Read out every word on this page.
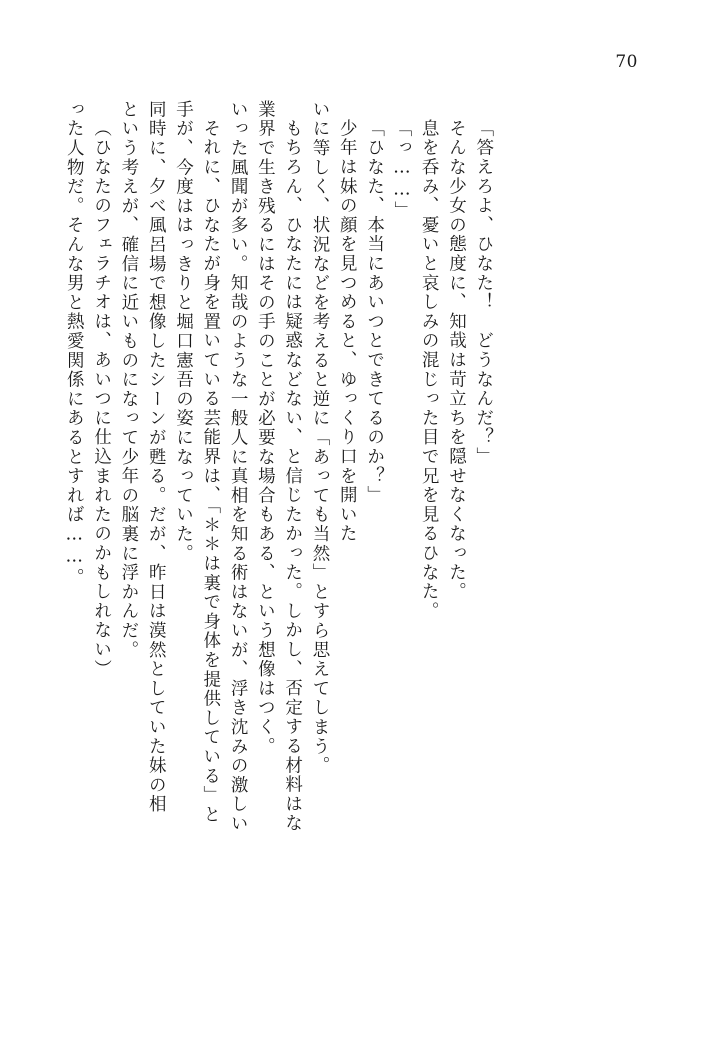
70
った人物だ。そんな男と熱愛関係にあるとすれば……。 （ひなたのフェラチオは、あいつに仕込まれたのかもしれない） という考えが、確信に近いものになって少年の脳裏に浮かんだ。 同時に、夕べ風呂場で想像したシーンが甦る。だが、昨日は漠然としていた妹の相 手が、今度ははっきりと堀口憲吾の姿になっていた。 それに、ひなたが身を置いている芸能界は、「＊＊は裏で身体を提供している」と いった風聞が多い。知哉のような一般人に真相を知る術はないが、浮き沈みの激しい 業界で生き残るにはその手のことが必要な場合もある、という想像はつく。 もちろん、ひなたには疑惑などない、と信じたかった。しかし、否定する材料はな いに等しく、状況などを考えると逆に「あっても当然」とすら思えてしまう。 少年は妹の顔を見つめると、ゆっくり口を開いた 「ひなた、本当にあいつとできてるのか？」 「っ……」 息を呑み、憂いと哀しみの混じった目で兄を見るひなた。 そんな少女の態度に、知哉は苛立ちを隠せなくなった。 「答えろよ、ひなた！　どうなんだ？」
